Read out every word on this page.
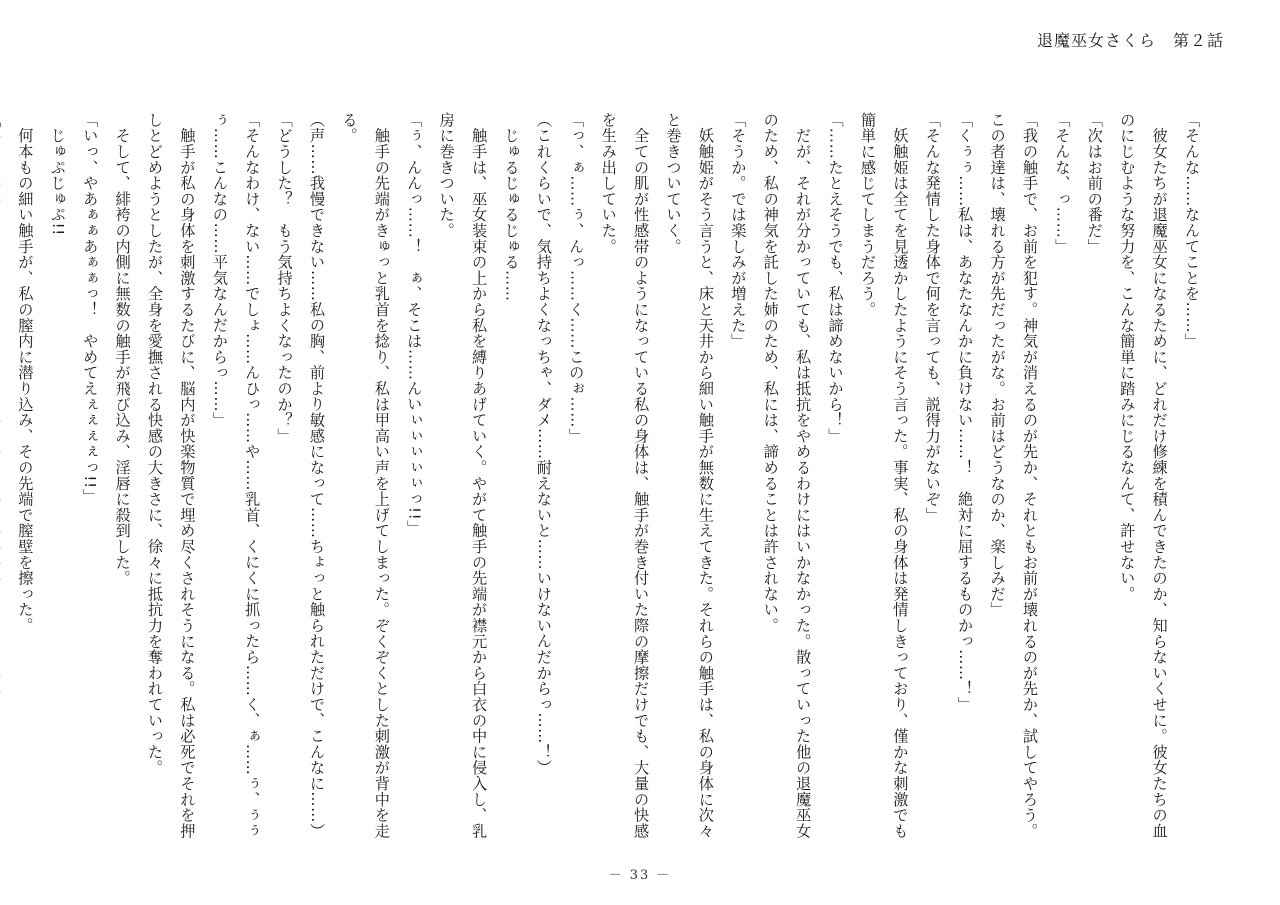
退魔巫女さくら　第２話

「そんな……なんてことを……」

　彼女たちが退魔巫女になるために、どれだけ修練を積んできたのか、知らないくせに。彼女たちの血のにじむような努力を、こんな簡単に踏みにじるなんて、許せない。

「次はお前の番だ」

「そんな、っ……」

「我の触手で、お前を犯す。神気が消えるのが先か、それともお前が壊れるのが先か、試してやろう。この者達は、壊れる方が先だったがな。お前はどうなのか、楽しみだ」

「くぅぅ……私は、あなたなんかに負けない……！　絶対に屈するものかっ……！」

「そんな発情した身体で何を言っても、説得力がないぞ」

　妖触姫は全てを見透かしたようにそう言った。事実、私の身体は発情しきっており、僅かな刺激でも簡単に感じてしまうだろう。

「……たとえそうでも、私は諦めないから！」

　だが、それが分かっていても、私は抵抗をやめるわけにはいかなかった。散っていった他の退魔巫女のため、私の神気を託した姉のため、私には、諦めることは許されない。

「そうか。では楽しみが増えた」

　妖触姫がそう言うと、床と天井から細い触手が無数に生えてきた。それらの触手は、私の身体に次々と巻きついていく。

　全ての肌が性感帯のようになっている私の身体は、触手が巻き付いた際の摩擦だけでも、大量の快感を生み出していた。

「っ、ぁ……ぅ、んっ……く……このぉ……」

（これくらいで、気持ちよくなっちゃ、ダメ……耐えないと……いけないんだからっ……！）

　じゅるじゅるじゅる……

　触手は、巫女装束の上から私を縛りあげていく。やがて触手の先端が襟元から白衣の中に侵入し、乳房に巻きついた。

「ぅ、んんっ……！　ぁ、そこは……んいぃぃぃぃぃっ!!」

　触手の先端がきゅっと乳首を捻り、私は甲高い声を上げてしまった。ぞくぞくとした刺激が背中を走る。

（声……我慢できない……私の胸、前より敏感になって……ちょっと触られただけで、こんなに……）

「どうした？　もう気持ちよくなったのか？」

「そんなわけ、ない……でしょ……んひっ……や……乳首、くにくに抓ったら……く、ぁ……ぅ、ぅぅぅ……こんなの……平気なんだからっ……」

　触手が私の身体を刺激するたびに、脳内が快楽物質で埋め尽くされそうになる。私は必死でそれを押しとどめようとしたが、全身を愛撫される快感の大きさに、徐々に抵抗力を奪われていった。

　そして、緋袴の内側に無数の触手が飛び込み、淫唇に殺到した。

「いっ、やあぁぁあぁぁっ！　やめてえぇぇぇぇっ!!」

　じゅぷじゅぷ!!

　何本もの細い触手が、私の膣内に潜り込み、その先端で膣壁を擦った。

－ 33 －
